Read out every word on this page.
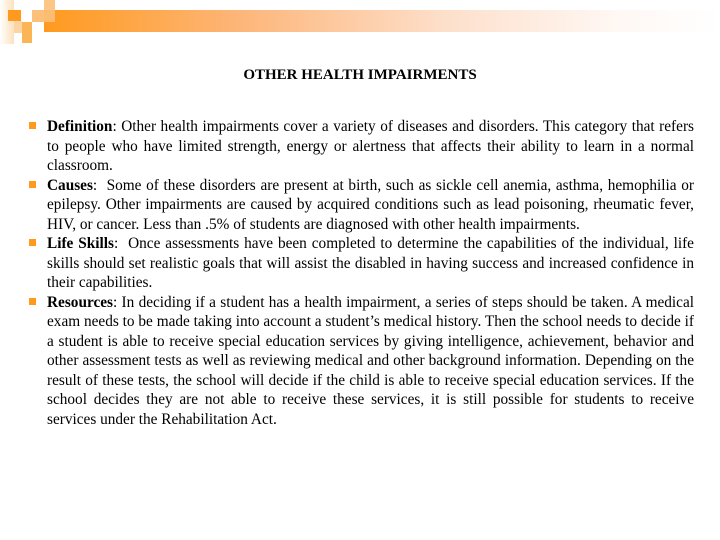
OTHER HEALTH IMPAIRMENTS
Definition: Other health impairments cover a variety of diseases and disorders. This category that refers to people who have limited strength, energy or alertness that affects their ability to learn in a normal classroom.
Causes:  Some of these disorders are present at birth, such as sickle cell anemia, asthma, hemophilia or epilepsy. Other impairments are caused by acquired conditions such as lead poisoning, rheumatic fever, HIV, or cancer. Less than .5% of students are diagnosed with other health impairments.
Life Skills:  Once assessments have been completed to determine the capabilities of the individual, life skills should set realistic goals that will assist the disabled in having success and increased confidence in their capabilities.
Resources: In deciding if a student has a health impairment, a series of steps should be taken. A medical exam needs to be made taking into account a student’s medical history. Then the school needs to decide if a student is able to receive special education services by giving intelligence, achievement, behavior and other assessment tests as well as reviewing medical and other background information. Depending on the result of these tests, the school will decide if the child is able to receive special education services. If the school decides they are not able to receive these services, it is still possible for students to receive services under the Rehabilitation Act.
